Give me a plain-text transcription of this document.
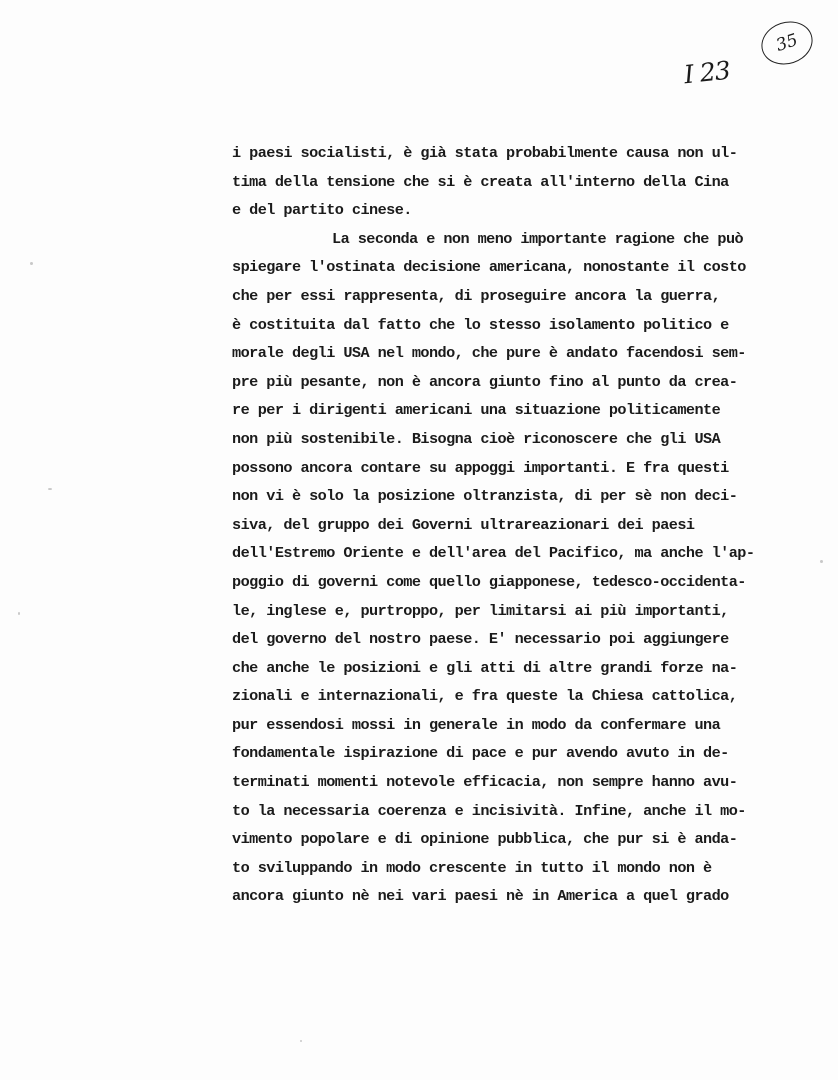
35
I 23
i paesi socialisti, è già stata probabilmente causa non ul-
tima della tensione che si è creata all'interno della Cina
e del partito cinese.
La seconda e non meno importante ragione che può
spiegare l'ostinata decisione americana, nonostante il costo
che per essi rappresenta, di proseguire ancora la guerra,
è costituita dal fatto che lo stesso isolamento politico e
morale degli USA nel mondo, che pure è andato facendosi sem-
pre più pesante, non è ancora giunto fino al punto da crea-
re per i dirigenti americani una situazione politicamente
non più sostenibile. Bisogna cioè riconoscere che gli USA
possono ancora contare su appoggi importanti. E fra questi
non vi è solo la posizione oltranzista, di per sè non deci-
siva, del gruppo dei Governi ultrareazionari dei paesi
dell'Estremo Oriente e dell'area del Pacifico, ma anche l'ap-
poggio di governi come quello giapponese, tedesco-occidenta-
le, inglese e, purtroppo, per limitarsi ai più importanti,
del governo del nostro paese. E' necessario poi aggiungere
che anche le posizioni e gli atti di altre grandi forze na-
zionali e internazionali, e fra queste la Chiesa cattolica,
pur essendosi mossi in generale in modo da confermare una
fondamentale ispirazione di pace e pur avendo avuto in de-
terminati momenti notevole efficacia, non sempre hanno avu-
to la necessaria coerenza e incisività. Infine, anche il mo-
vimento popolare e di opinione pubblica, che pur si è anda-
to sviluppando in modo crescente in tutto il mondo non è
ancora giunto nè nei vari paesi nè in America a quel grado
